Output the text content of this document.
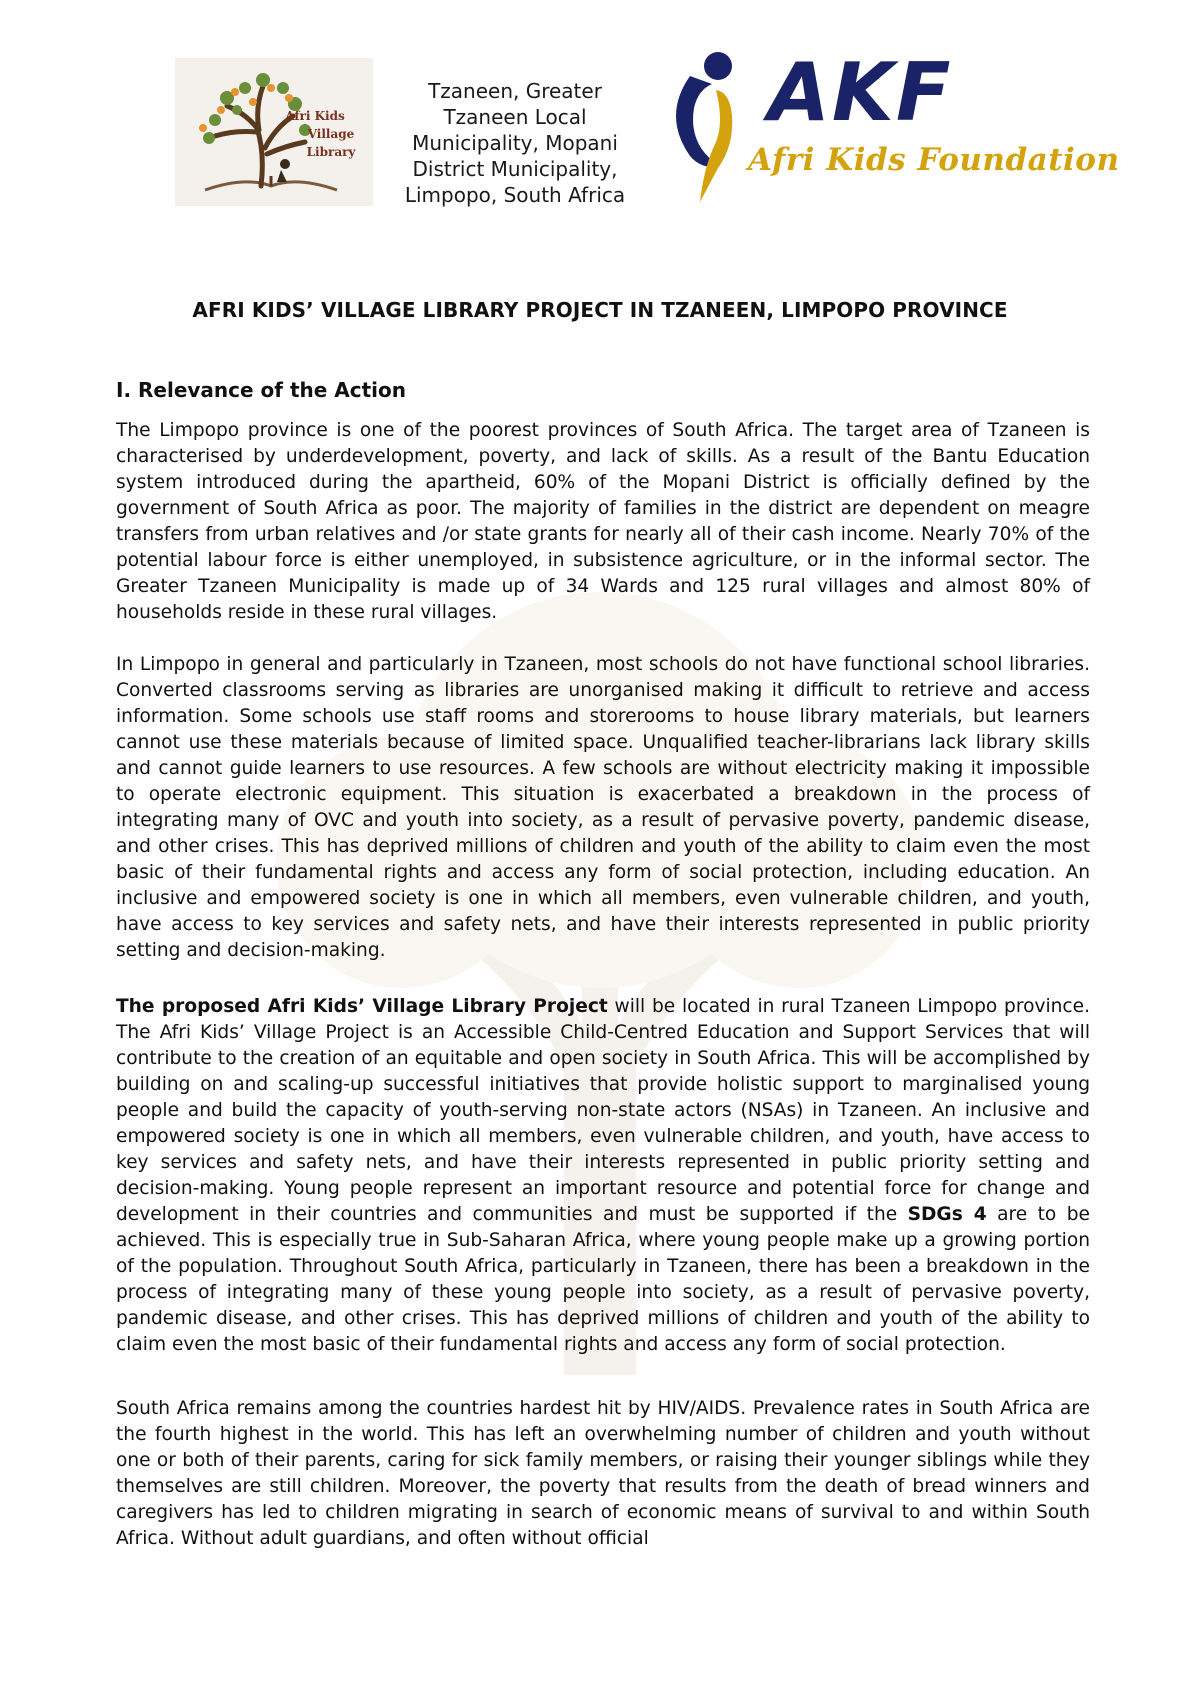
Afri Kids
Village
Library
Tzaneen, Greater
Tzaneen Local
Municipality, Mopani
District Municipality,
Limpopo, South Africa
AKF
Afri Kids Foundation
AFRI KIDS’ VILLAGE LIBRARY PROJECT IN TZANEEN, LIMPOPO PROVINCE
I. Relevance of the Action

The Limpopo province is one of the poorest provinces of South Africa. The target area of Tzaneen is characterised by underdevelopment, poverty, and lack of skills. As a result of the Bantu Education system introduced during the apartheid, 60% of the Mopani District is officially defined by the government of South Africa as poor. The majority of families in the district are dependent on meagre transfers from urban relatives and /or state grants for nearly all of their cash income. Nearly 70% of the potential labour force is either unemployed, in subsistence agriculture, or in the informal sector. The Greater Tzaneen Municipality is made up of 34 Wards and 125 rural villages and almost 80% of households reside in these rural villages.

In Limpopo in general and particularly in Tzaneen, most schools do not have functional school libraries. Converted classrooms serving as libraries are unorganised making it difficult to retrieve and access information. Some schools use staff rooms and storerooms to house library materials, but learners cannot use these materials because of limited space. Unqualified teacher-librarians lack library skills and cannot guide learners to use resources. A few schools are without electricity making it impossible to operate electronic equipment. This situation is exacerbated a breakdown in the process of integrating many of OVC and youth into society, as a result of pervasive poverty, pandemic disease, and other crises. This has deprived millions of children and youth of the ability to claim even the most basic of their fundamental rights and access any form of social protection, including education. An inclusive and empowered society is one in which all members, even vulnerable children, and youth, have access to key services and safety nets, and have their interests represented in public priority setting and decision-making.

The proposed Afri Kids’ Village Library Project will be located in rural Tzaneen Limpopo province. The Afri Kids’ Village Project is an Accessible Child-Centred Education and Support Services that will contribute to the creation of an equitable and open society in South Africa. This will be accomplished by building on and scaling-up successful initiatives that provide holistic support to marginalised young people and build the capacity of youth-serving non-state actors (NSAs) in Tzaneen. An inclusive and empowered society is one in which all members, even vulnerable children, and youth, have access to key services and safety nets, and have their interests represented in public priority setting and decision-making. Young people represent an important resource and potential force for change and development in their countries and communities and must be supported if the SDGs 4 are to be achieved. This is especially true in Sub-Saharan Africa, where young people make up a growing portion of the population. Throughout South Africa, particularly in Tzaneen, there has been a breakdown in the process of integrating many of these young people into society, as a result of pervasive poverty, pandemic disease, and other crises. This has deprived millions of children and youth of the ability to claim even the most basic of their fundamental rights and access any form of social protection.

South Africa remains among the countries hardest hit by HIV/AIDS. Prevalence rates in South Africa are the fourth highest in the world. This has left an overwhelming number of children and youth without one or both of their parents, caring for sick family members, or raising their younger siblings while they themselves are still children. Moreover, the poverty that results from the death of bread winners and caregivers has led to children migrating in search of economic means of survival to and within South Africa. Without adult guardians, and often without official
